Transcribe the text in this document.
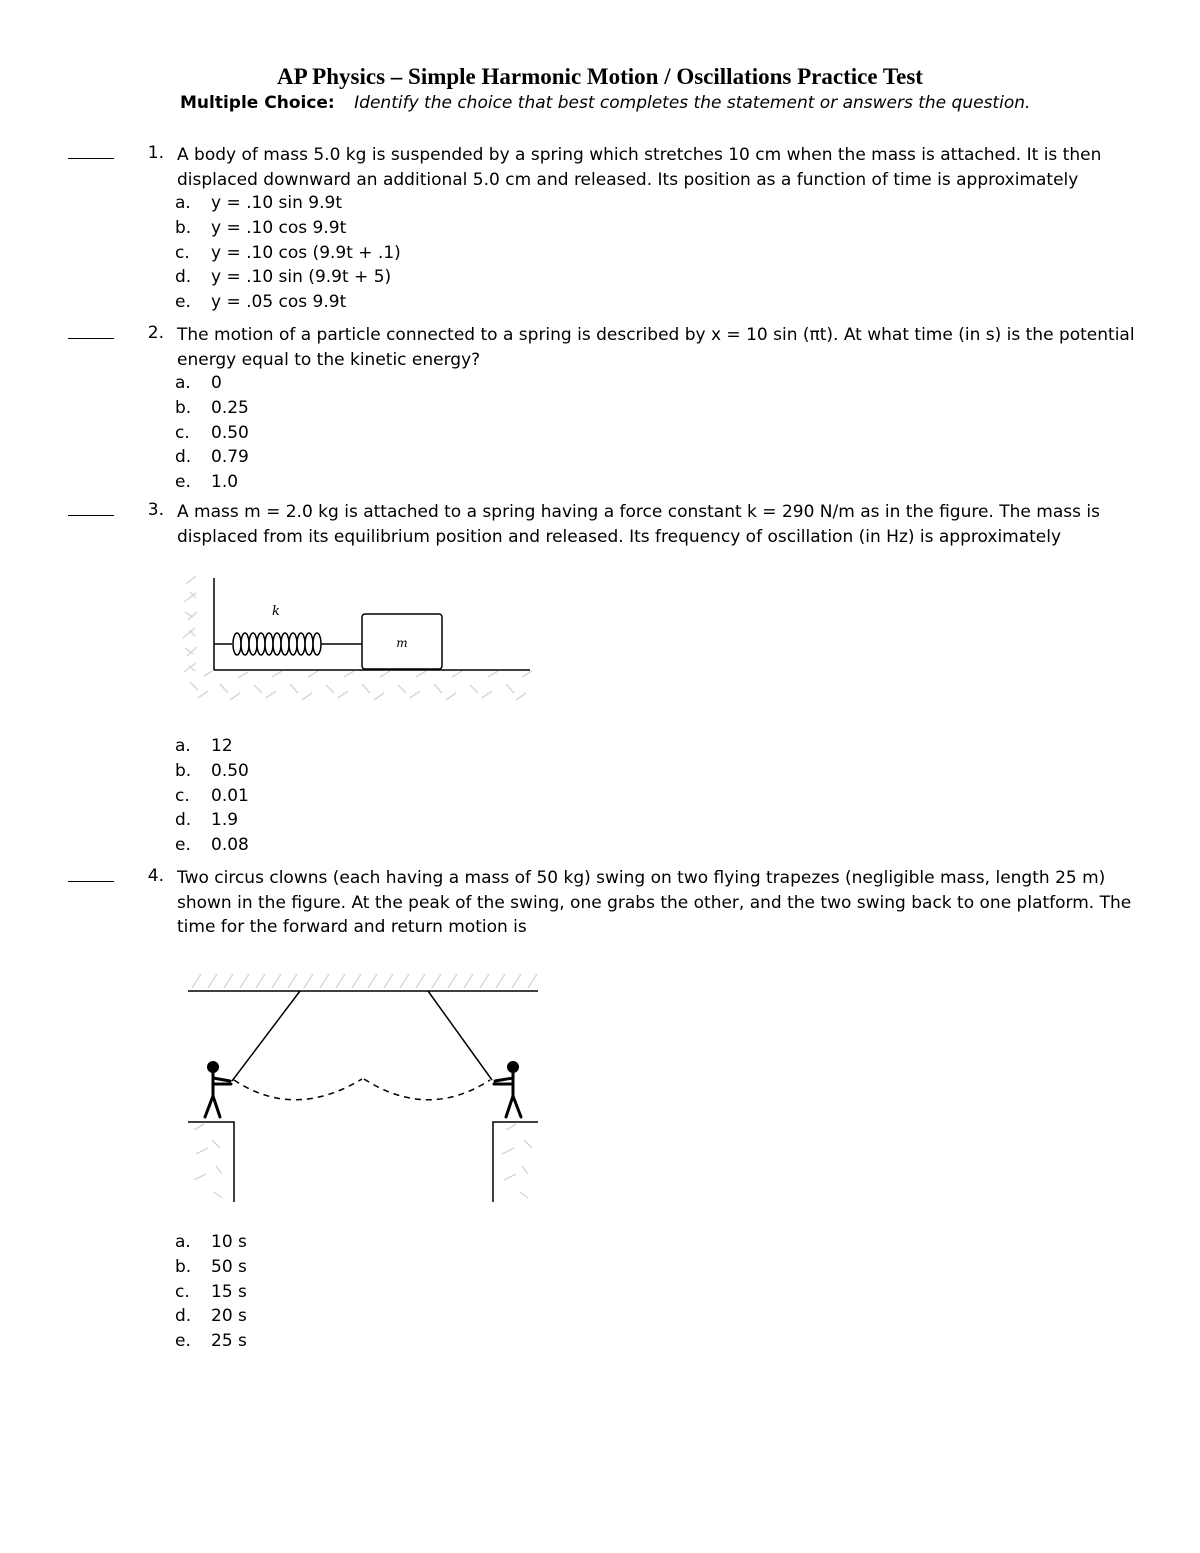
AP Physics – Simple Harmonic Motion / Oscillations Practice Test
Multiple Choice: Identify the choice that best completes the statement or answers the question.
1. A body of mass 5.0 kg is suspended by a spring which stretches 10 cm when the mass is attached. It is then displaced downward an additional 5.0 cm and released. Its position as a function of time is approximately
a.	y = .10 sin 9.9t
b.	y = .10 cos 9.9t
c.	y = .10 cos (9.9t + .1)
d.	y = .10 sin (9.9t + 5)
e.	y = .05 cos 9.9t
2. The motion of a particle connected to a spring is described by x = 10 sin (πt). At what time (in s) is the potential energy equal to the kinetic energy?
a.	0
b.	0.25
c.	0.50
d.	0.79
e.	1.0
3. A mass m = 2.0 kg is attached to a spring having a force constant k = 290 N/m as in the figure. The mass is displaced from its equilibrium position and released. Its frequency of oscillation (in Hz) is approximately
k
m
a.	12
b.	0.50
c.	0.01
d.	1.9
e.	0.08
4. Two circus clowns (each having a mass of 50 kg) swing on two flying trapezes (negligible mass, length 25 m) shown in the figure. At the peak of the swing, one grabs the other, and the two swing back to one platform. The time for the forward and return motion is
a.	10 s
b.	50 s
c.	15 s
d.	20 s
e.	25 s
